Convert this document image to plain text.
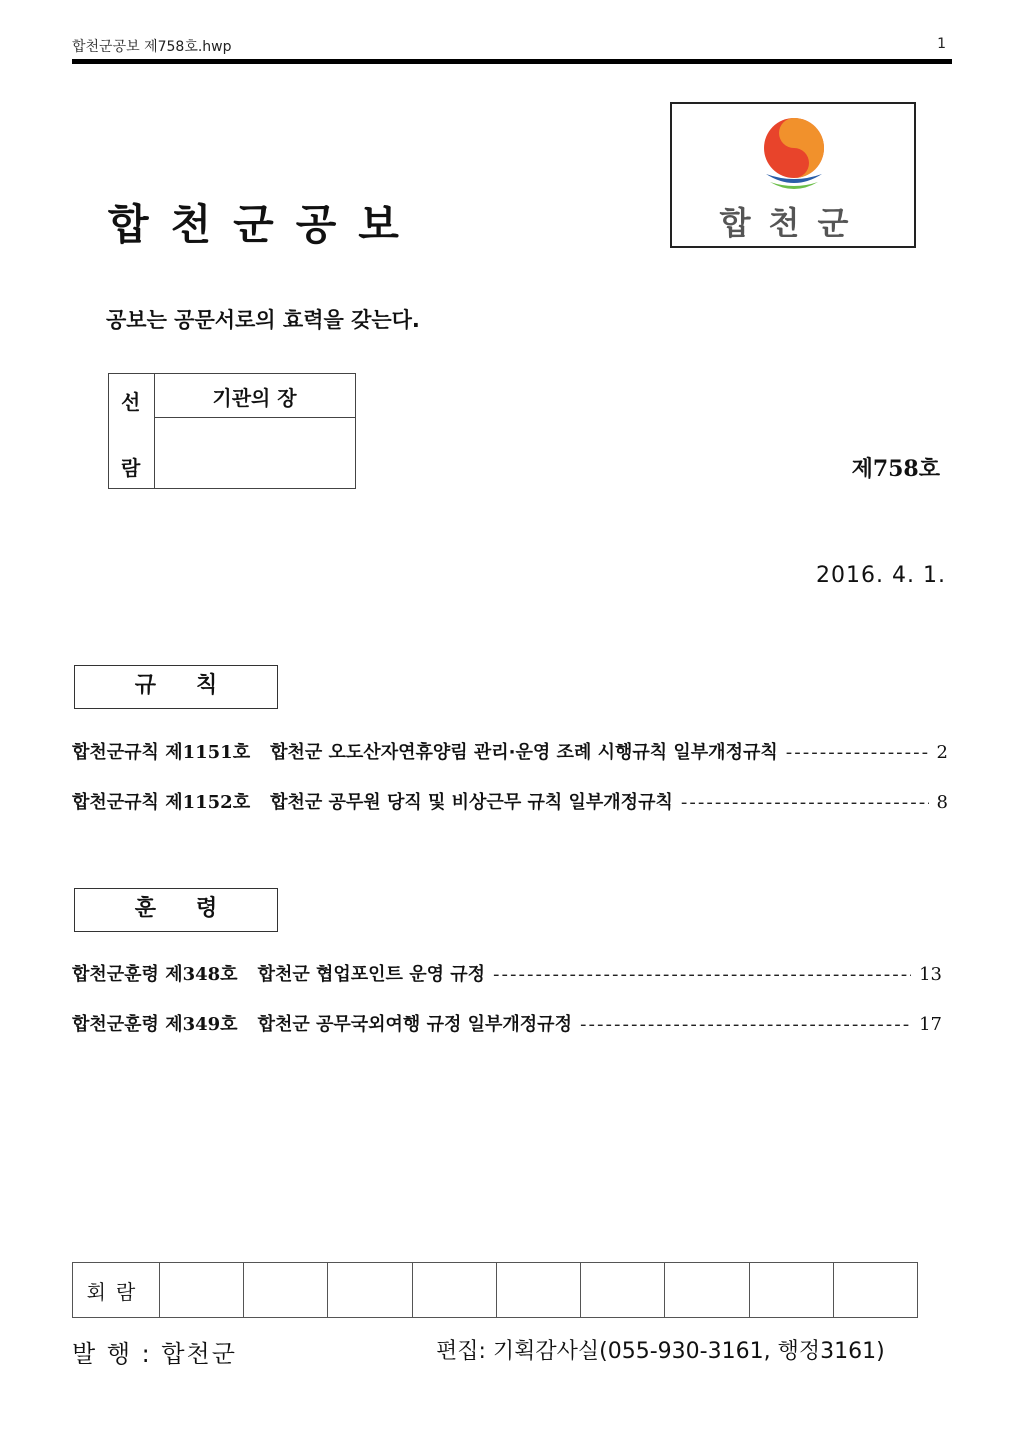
합천군공보 제758호.hwp	1
합천군공보	합천군
공보는 공문서로의 효력을 갖는다.
선
람
기관의 장
제758호
2016. 4. 1.
규칙
합천군규칙 제1151호 합천군 오도산자연휴양림 관리·운영 조례 시행규칙 일부개정규칙 -----	2
합천군규칙 제1152호 합천군 공무원 당직 및 비상근무 규칙 일부개정규칙 -----	8
훈령
합천군훈령 제348호 합천군 협업포인트 운영 규정 -----	13
합천군훈령 제349호 합천군 공무국외여행 규정 일부개정규정 -----	17
회람
발 행 : 합천군	편집: 기획감사실(055-930-3161, 행정3161)
